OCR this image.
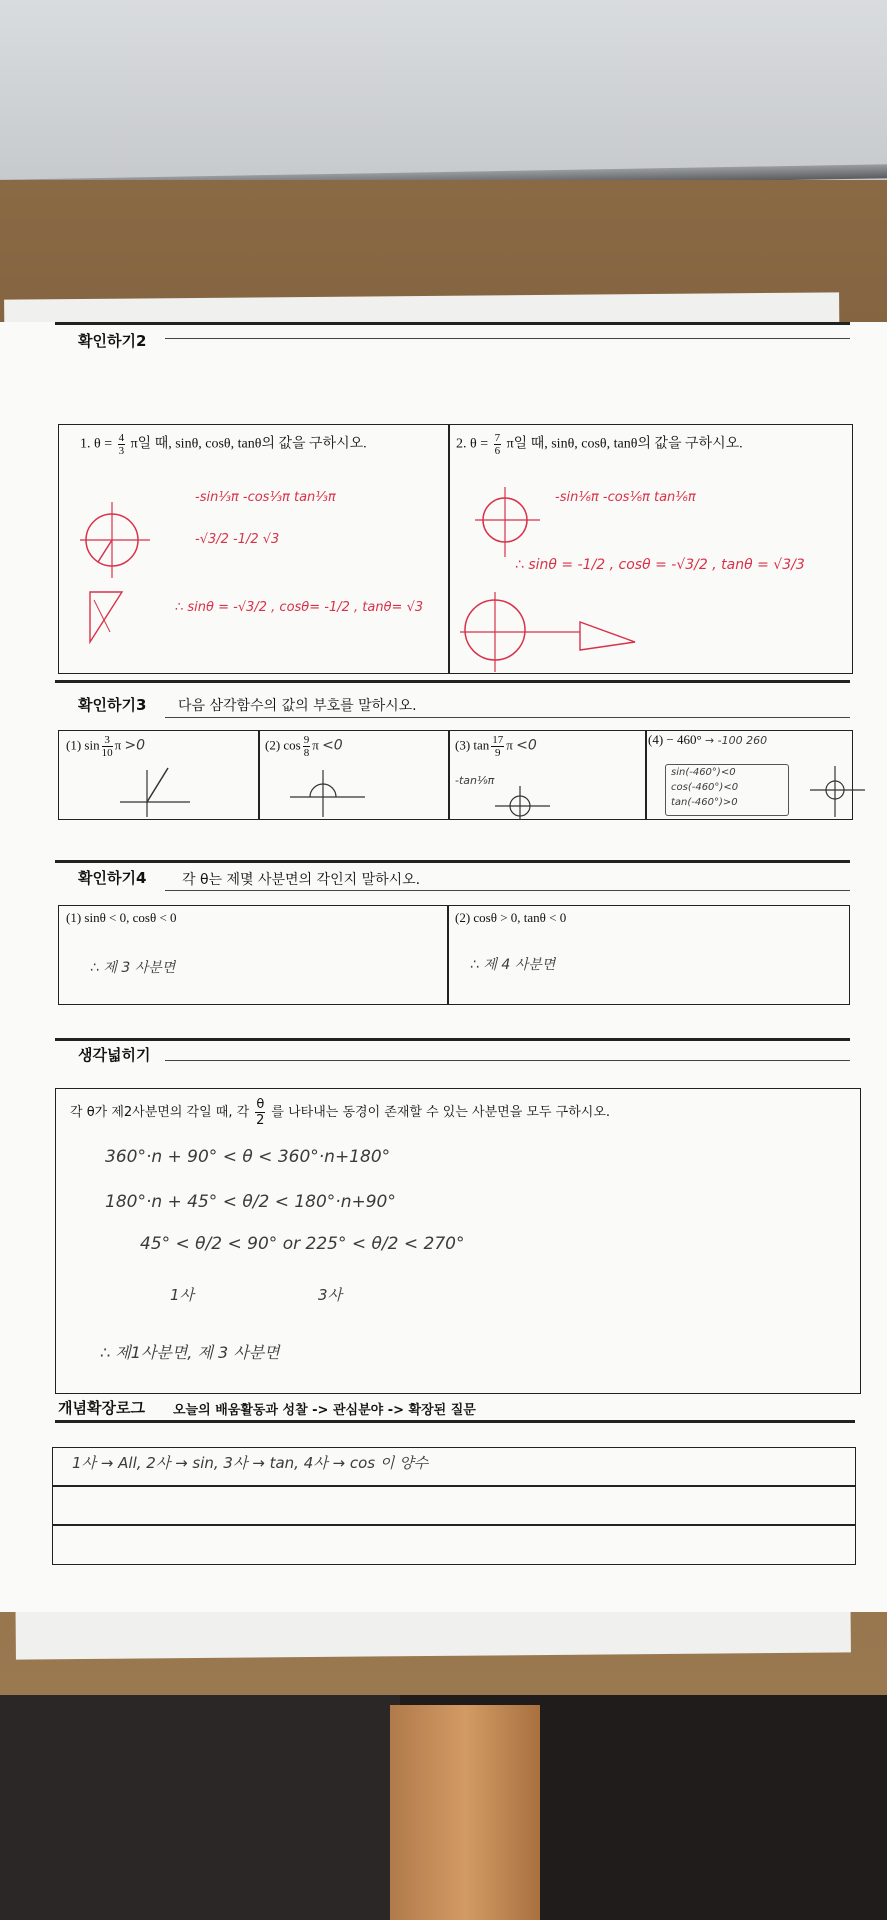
확인하기2
1. $\theta = \frac{4}{3}$ π일 때, sinθ, cosθ, tanθ의 값을 구하시오.	2. $\theta = \frac{7}{6}$ π일 때, sinθ, cosθ, tanθ의 값을 구하시오.
-sin⅓π -cos⅓π tan⅓π
-√3/2 -1/2 √3
∴ sinθ = -√3/2 , cosθ= -1/2 , tanθ= √3
-sin⅙π -cos⅙π tan⅙π
∴ sinθ = -1/2 , cosθ = -√3/2 , tanθ = √3/3
확인하기3 다음 삼각함수의 값의 부호를 말하시오.
(1) $\sin \frac{3}{10}$ π >0	(2) $\cos \frac{9}{8}$ π <0	(3) $\tan \frac{17}{9}$ π <0	(4) − 460° → -100 260
-tan⅑π
sin(-460°)<0
cos(-460°)<0
tan(-460°)>0
확인하기4	각 θ는 제몇 사분면의 각인지 말하시오.
(1) sinθ < 0, cosθ < 0	(2) cosθ > 0, tanθ < 0
∴ 제 3 사분면	∴ 제 4 사분면
생각넓히기
각 θ가 제2사분면의 각일 때, 각 $\frac{\theta}{2}$ 를 나타내는 동경이 존재할 수 있는 사분면을 모두 구하시오.
360°·n + 90° < θ < 360°·n+180°
180°·n + 45° < θ/2 < 180°·n+90°
45° < θ/2 < 90° or 225° < θ/2 < 270°
1사                          3사
∴ 제1사분면, 제 3 사분면
개념확장로그 오늘의 배움활동과 성찰 -> 관심분야 -> 확장된 질문
1사 → All, 2사 → sin, 3사 → tan, 4사 → cos 이 양수
